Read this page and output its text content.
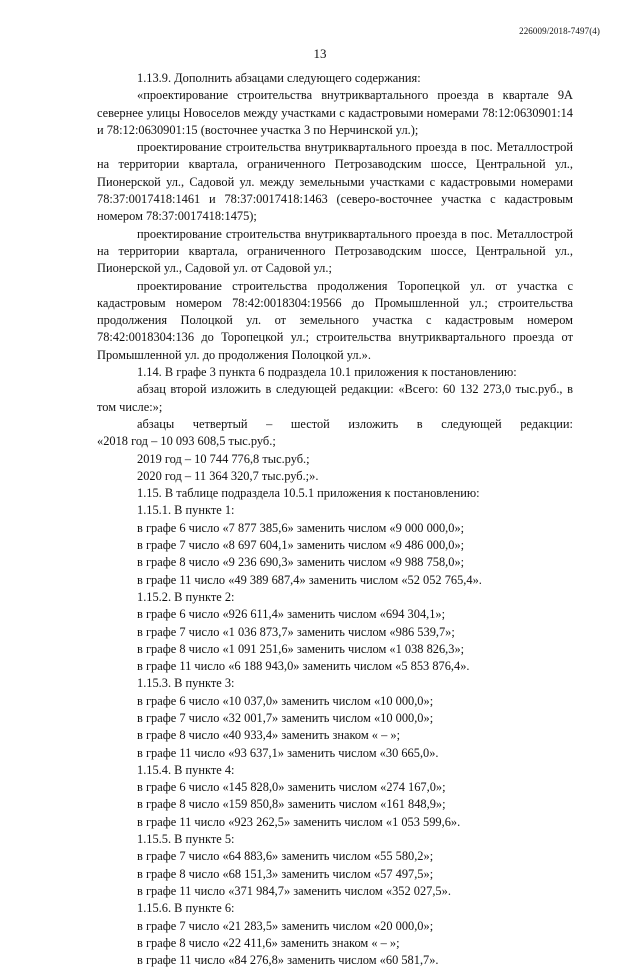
226009/2018-7497(4)
13

1.13.9. Дополнить абзацами следующего содержания:

«проектирование строительства внутриквартального проезда в квартале 9А севернее улицы Новоселов между участками с кадастровыми номерами 78:12:0630901:14 и 78:12:0630901:15 (восточнее участка 3 по Нерчинской ул.);

проектирование строительства внутриквартального проезда в пос. Металлострой на территории квартала, ограниченного Петрозаводским шоссе, Центральной ул., Пионерской ул., Садовой ул. между земельными участками с кадастровыми номерами 78:37:0017418:1461 и 78:37:0017418:1463 (северо-восточнее участка с кадастровым номером 78:37:0017418:1475);

проектирование строительства внутриквартального проезда в пос. Металлострой на территории квартала, ограниченного Петрозаводским шоссе, Центральной ул., Пионерской ул., Садовой ул. от Садовой ул.;

проектирование строительства продолжения Торопецкой ул. от участка с кадастровым номером 78:42:0018304:19566 до Промышленной ул.; строительства продолжения Полоцкой ул. от земельного участка с кадастровым номером 78:42:0018304:136 до Торопецкой ул.; строительства внутриквартального проезда от Промышленной ул. до продолжения Полоцкой ул.».

1.14. В графе 3 пункта 6 подраздела 10.1 приложения к постановлению:

абзац второй изложить в следующей редакции: «Всего: 60 132 273,0 тыс.руб., в том числе:»;

абзацы четвертый – шестой изложить в следующей редакции:

«2018 год – 10 093 608,5 тыс.руб.;

2019 год – 10 744 776,8 тыс.руб.;

2020 год – 11 364 320,7 тыс.руб.;».

1.15. В таблице подраздела 10.5.1 приложения к постановлению:

1.15.1. В пункте 1:

в графе 6 число «7 877 385,6» заменить числом «9 000 000,0»;

в графе 7 число «8 697 604,1» заменить числом «9 486 000,0»;

в графе 8 число «9 236 690,3» заменить числом «9 988 758,0»;

в графе 11 число «49 389 687,4» заменить числом «52 052 765,4».

1.15.2. В пункте 2:

в графе 6 число «926 611,4» заменить числом «694 304,1»;

в графе 7 число «1 036 873,7» заменить числом «986 539,7»;

в графе 8 число «1 091 251,6» заменить числом «1 038 826,3»;

в графе 11 число «6 188 943,0» заменить числом «5 853 876,4».

1.15.3. В пункте 3:

в графе 6 число «10 037,0» заменить числом «10 000,0»;

в графе 7 число «32 001,7» заменить числом «10 000,0»;

в графе 8 число «40 933,4» заменить знаком « – »;

в графе 11 число «93 637,1» заменить числом «30 665,0».

1.15.4. В пункте 4:

в графе 6 число «145 828,0» заменить числом «274 167,0»;

в графе 8 число «159 850,8» заменить числом «161 848,9»;

в графе 11 число «923 262,5» заменить числом «1 053 599,6».

1.15.5. В пункте 5:

в графе 7 число «64 883,6» заменить числом «55 580,2»;

в графе 8 число «68 151,3» заменить числом «57 497,5»;

в графе 11 число «371 984,7» заменить числом «352 027,5».

1.15.6. В пункте 6:

в графе 7 число «21 283,5» заменить числом «20 000,0»;

в графе 8 число «22 411,6» заменить знаком « – »;

в графе 11 число «84 276,8» заменить числом «60 581,7».
